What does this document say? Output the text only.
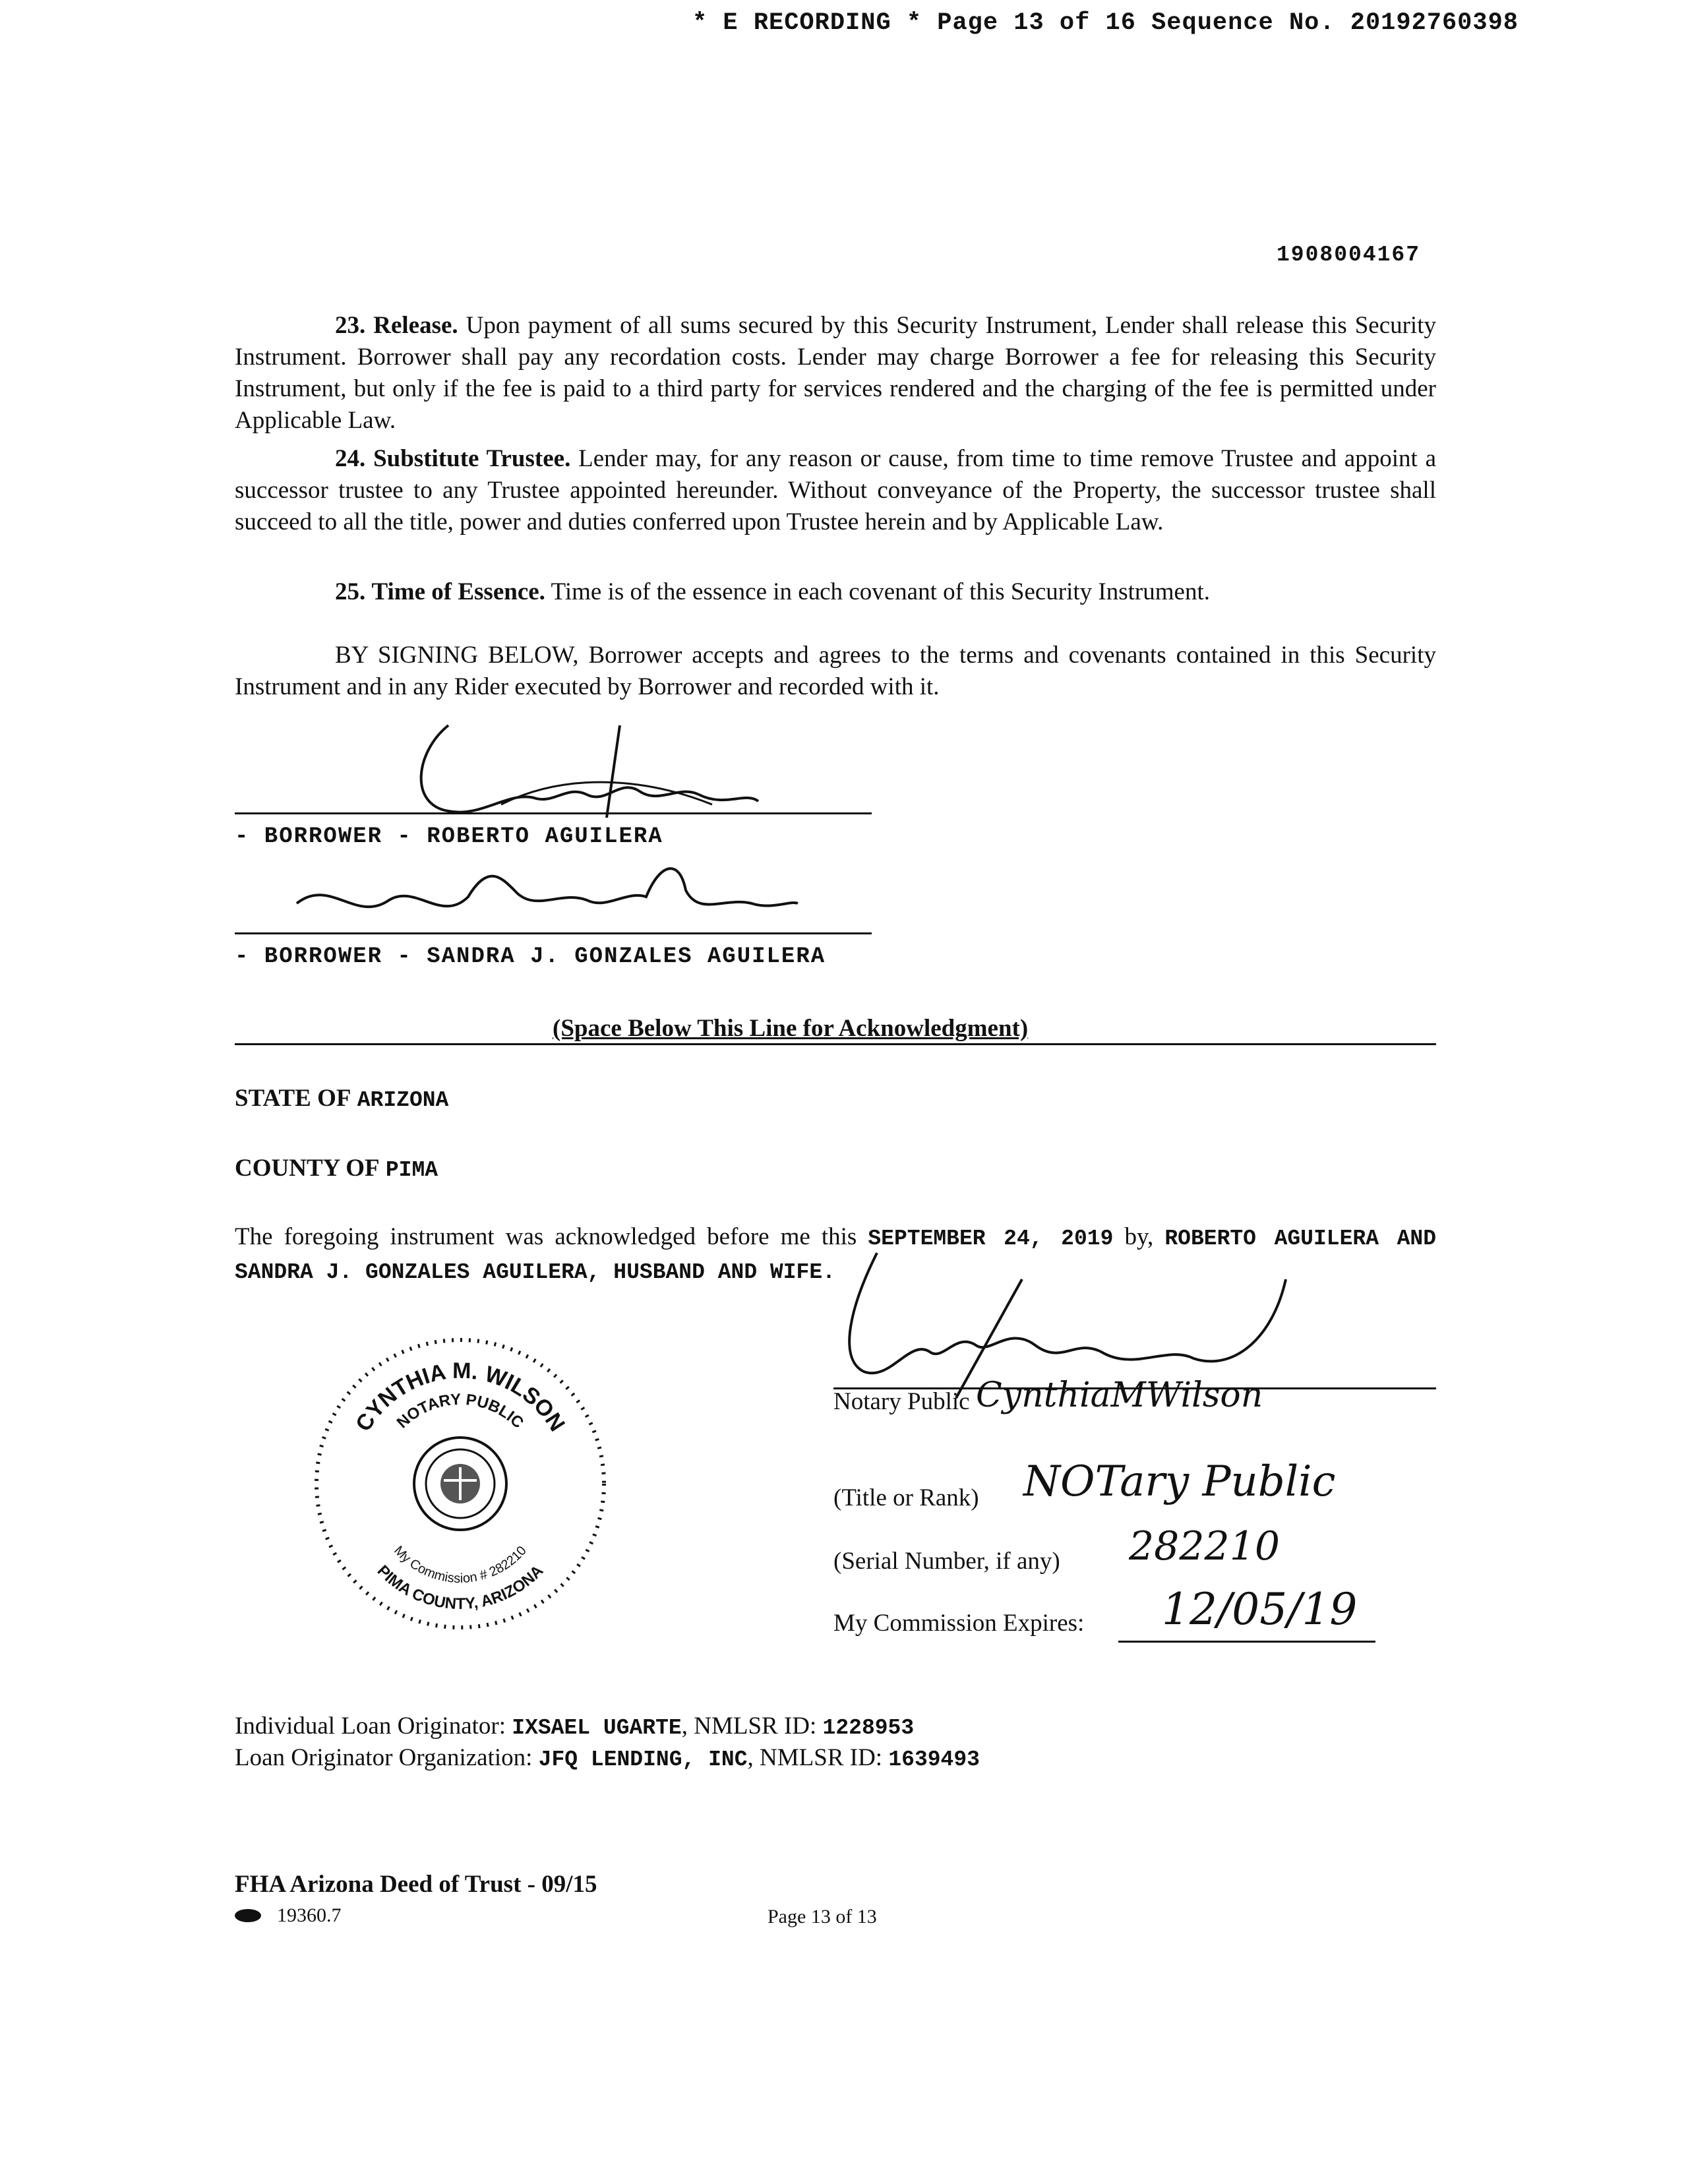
* E RECORDING * Page 13 of 16 Sequence No. 20192760398
1908004167
23. Release. Upon payment of all sums secured by this Security Instrument, Lender shall release this Security Instrument. Borrower shall pay any recordation costs. Lender may charge Borrower a fee for releasing this Security Instrument, but only if the fee is paid to a third party for services rendered and the charging of the fee is permitted under Applicable Law.
24. Substitute Trustee. Lender may, for any reason or cause, from time to time remove Trustee and appoint a successor trustee to any Trustee appointed hereunder. Without conveyance of the Property, the successor trustee shall succeed to all the title, power and duties conferred upon Trustee herein and by Applicable Law.
25. Time of Essence. Time is of the essence in each covenant of this Security Instrument.
BY SIGNING BELOW, Borrower accepts and agrees to the terms and covenants contained in this Security Instrument and in any Rider executed by Borrower and recorded with it.
- BORROWER - ROBERTO AGUILERA
- BORROWER - SANDRA J. GONZALES AGUILERA
(Space Below This Line for Acknowledgment)
STATE OF ARIZONA
COUNTY OF PIMA
The foregoing instrument was acknowledged before me this SEPTEMBER 24, 2019 by, ROBERTO AGUILERA AND SANDRA J. GONZALES AGUILERA, HUSBAND AND WIFE.
CYNTHIA M. WILSON
NOTARY PUBLIC
PIMA COUNTY, ARIZONA
My Commission # 282210
Notary Public CynthiaMWilson
(Title or Rank) NOTary Public
(Serial Number, if any) 282210
My Commission Expires: 12/05/19
Individual Loan Originator: IXSAEL UGARTE, NMLSR ID: 1228953
Loan Originator Organization: JFQ LENDING, INC, NMLSR ID: 1639493
FHA Arizona Deed of Trust - 09/15
19360.7	Page 13 of 13
